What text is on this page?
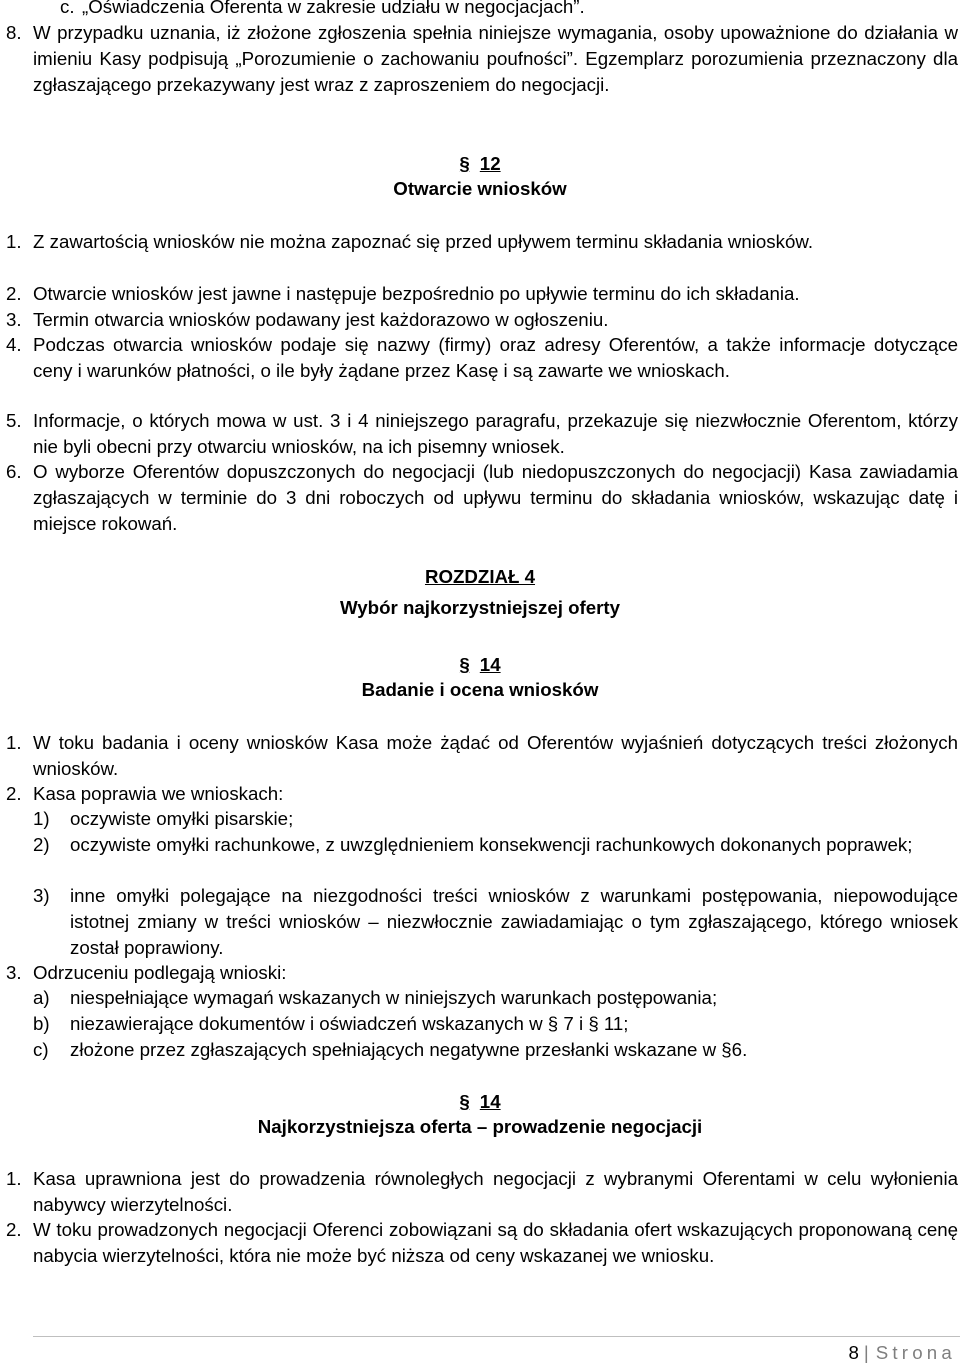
c. „Oświadczenia Oferenta w zakresie udziału w negocjacjach”.
8. W przypadku uznania, iż złożone zgłoszenia spełnia niniejsze wymagania, osoby upoważnione do działania w imieniu Kasy podpisują „Porozumienie o zachowaniu poufności”. Egzemplarz porozumienia przeznaczony dla zgłaszającego przekazywany jest wraz z zaproszeniem do negocjacji.
§ 12
Otwarcie wniosków
1. Z zawartością wniosków nie można zapoznać się przed upływem terminu składania wniosków.
2. Otwarcie wniosków jest jawne i następuje bezpośrednio po upływie terminu do ich składania.
3. Termin otwarcia wniosków podawany jest każdorazowo w ogłoszeniu.
4. Podczas otwarcia wniosków podaje się nazwy (firmy) oraz adresy Oferentów, a także informacje dotyczące ceny i warunków płatności, o ile były żądane przez Kasę i są zawarte we wnioskach.
5. Informacje, o których mowa w ust. 3 i 4 niniejszego paragrafu, przekazuje się niezwłocznie Oferentom, którzy nie byli obecni przy otwarciu wniosków, na ich pisemny wniosek.
6. O wyborze Oferentów dopuszczonych do negocjacji (lub niedopuszczonych do negocjacji) Kasa zawiadamia zgłaszających w terminie do 3 dni roboczych od upływu terminu do składania wniosków, wskazując datę i miejsce rokowań.
ROZDZIAŁ 4
Wybór najkorzystniejszej oferty
§ 14
Badanie i ocena wniosków
1. W toku badania i oceny wniosków Kasa może żądać od Oferentów wyjaśnień dotyczących treści złożonych wniosków.
2. Kasa poprawia we wnioskach:
1)	oczywiste omyłki pisarskie;
2)	oczywiste omyłki rachunkowe, z uwzględnieniem konsekwencji rachunkowych dokonanych poprawek;
3)	inne omyłki polegające na niezgodności treści wniosków z warunkami postępowania, niepowodujące istotnej zmiany w treści wniosków – niezwłocznie zawiadamiając o tym zgłaszającego, którego wniosek został poprawiony.
3. Odrzuceniu podlegają wnioski:
a)	niespełniające wymagań wskazanych w niniejszych warunkach postępowania;
b)	niezawierające dokumentów i oświadczeń wskazanych w § 7 i § 11;
c)	złożone przez zgłaszających spełniających negatywne przesłanki wskazane w §6.
§ 14
Najkorzystniejsza oferta – prowadzenie negocjacji
1. Kasa uprawniona jest do prowadzenia równoległych negocjacji z wybranymi Oferentami w celu wyłonienia nabywcy wierzytelności.
2. W toku prowadzonych negocjacji Oferenci zobowiązani są do składania ofert wskazujących proponowaną cenę nabycia wierzytelności, która nie może być niższa od ceny wskazanej we wniosku.
8 | Strona
